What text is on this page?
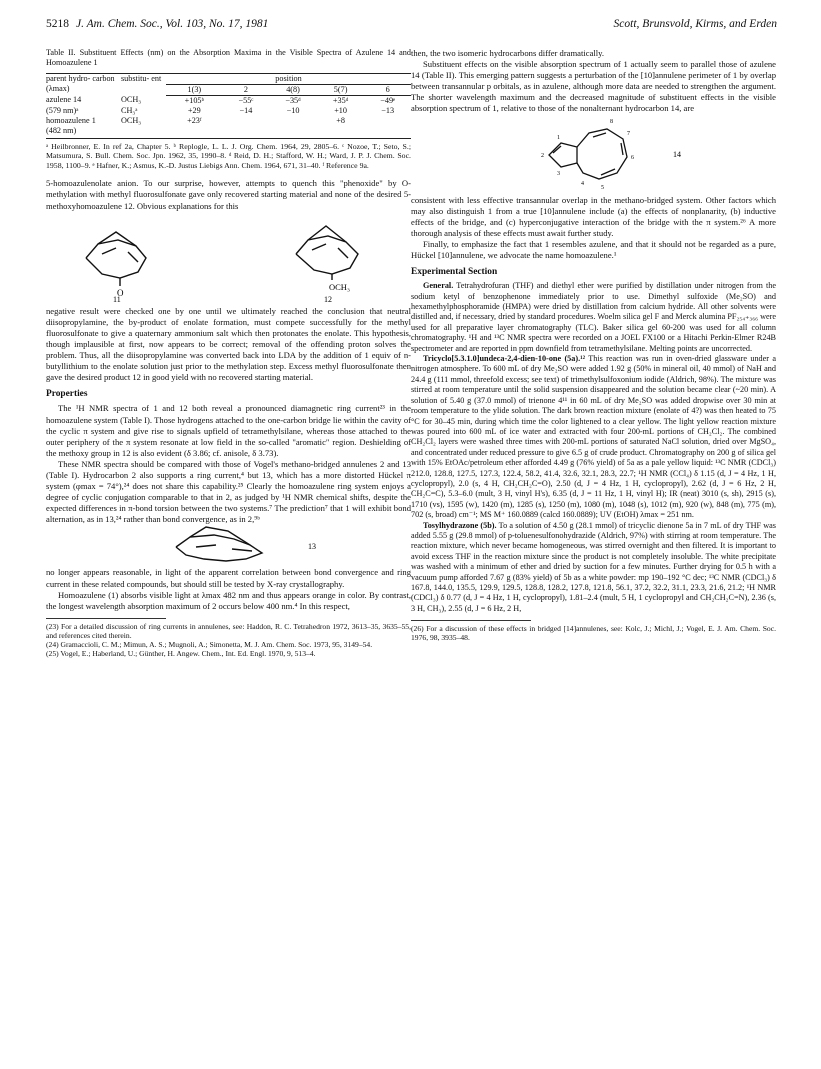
5218 J. Am. Chem. Soc., Vol. 103, No. 17, 1981	Scott, Brunsvold, Kirms, and Erden
Table II. Substituent Effects (nm) on the Absorption Maxima in the Visible Spectra of Azulene 14 and Homoazulene 1
parent hydro- carbon (λmax)	substitu- ent	position				
		1(3)	2	4(8)	5(7)	6
azulene 14	OCH₃	+105ᵇ	−55ᶜ	−35ᵈ	+35ᵈ	−49ᵉ
(579 nm)ᵃ	CH₃ᵃ	+29	−14	−10	+10	−13
homoazulene 1	OCH₃	+23ᶠ			+8	
(482 nm)						
ᵃ Heilbronner, E. In ref 2a, Chapter 5. ᵇ Replogle, L. L. J. Org. Chem. 1964, 29, 2805–6. ᶜ Nozoe, T.; Seto, S.; Matsumura, S. Bull. Chem. Soc. Jpn. 1962, 35, 1990–8. ᵈ Reid, D. H.; Stafford, W. H.; Ward, J. P. J. Chem. Soc. 1958, 1100–9. ᵉ Hafner, K.; Asmus, K.-D. Justus Liebigs Ann. Chem. 1964, 671, 31–40. ᶠ Reference 9a.

5-homoazulenolate anion. To our surprise, however, attempts to quench this "phenoxide" by O-methylation with methyl fluorosulfonate gave only recovered starting material and none of the desired 5-methoxyhomoazulene 12. Obvious explanations for this

O
11
OCH₃
12

negative result were checked one by one until we ultimately reached the conclusion that neutral diisopropylamine, the by-product of enolate formation, must compete successfully for the methyl fluorosulfonate to give a quaternary ammonium salt which then protonates the enolate. This hypothesis, though implausible at first, now appears to be correct; removal of the offending proton solves the problem. Thus, all the diisopropylamine was converted back into LDA by the addition of 1 equiv of n-butyllithium to the enolate solution just prior to the methylation step. Excess methyl fluorosulfonate then gave the desired product 12 in good yield with no recovered starting material.

Properties

The ¹H NMR spectra of 1 and 12 both reveal a pronounced diamagnetic ring current²³ in the homoazulene system (Table I). Those hydrogens attached to the one-carbon bridge lie within the cavity of the cyclic π system and give rise to signals upfield of tetramethylsilane, whereas those attached to the outer periphery of the π system resonate at low field in the so-called "aromatic" region. Deshielding of the methoxy group in 12 is also evident (δ 3.86; cf. anisole, δ 3.73).

These NMR spectra should be compared with those of Vogel's methano-bridged annulenes 2 and 13 (Table I). Hydrocarbon 2 also supports a ring current,⁴ but 13, which has a more distorted Hückel π system (φmax = 74°),²⁴ does not share this capability.²⁵ Clearly the homoazulene ring system enjoys a degree of cyclic conjugation comparable to that in 2, as judged by ¹H NMR chemical shifts, despite the expected differences in π-bond torsion between the two systems.⁷ The prediction⁷ that 1 will exhibit bond alternation, as in 13,²⁴ rather than bond convergence, as in 2,⁹ᵇ

13

no longer appears reasonable, in light of the apparent correlation between bond convergence and ring current in these related compounds, but should still be tested by X-ray crystallography.

Homoazulene (1) absorbs visible light at λmax 482 nm and thus appears orange in color. By contrast, the longest wavelength absorption maximum of 2 occurs below 400 nm.⁴ In this respect,

(23) For a detailed discussion of ring currents in annulenes, see: Haddon, R. C. Tetrahedron 1972, 3613–35, 3635–55, and references cited therein.
(24) Gramaccioli, C. M.; Mimun, A. S.; Mugnoli, A.; Simonetta, M. J. Am. Chem. Soc. 1973, 95, 3149–54.
(25) Vogel, E.; Haberland, U.; Günther, H. Angew. Chem., Int. Ed. Engl. 1970, 9, 513–4.

then, the two isomeric hydrocarbons differ dramatically.

Substituent effects on the visible absorption spectrum of 1 actually seem to parallel those of azulene 14 (Table II). This emerging pattern suggests a perturbation of the [10]annulene perimeter of 1 by overlap between transannular p orbitals, as in azulene, although more data are needed to strengthen the argument. The shorter wavelength maximum and the decreased magnitude of substituent effects in the visible absorption spectrum of 1, relative to those of the nonalternant hydrocarbon 14, are

8
2
1
3
4
5
6
7
14

consistent with less effective transannular overlap in the methano-bridged system. Other factors which may also distinguish 1 from a true [10]annulene include (a) the effects of nonplanarity, (b) inductive effects of the bridge, and (c) hyperconjugative interaction of the bridge with the π system.²⁶ A more thorough analysis of these effects must await further study.

Finally, to emphasize the fact that 1 resembles azulene, and that it should not be regarded as a pure, Hückel [10]annulene, we advocate the name homoazulene.¹

Experimental Section

General. Tetrahydrofuran (THF) and diethyl ether were purified by distillation under nitrogen from the sodium ketyl of benzophenone immediately prior to use. Dimethyl sulfoxide (Me₂SO) and hexamethylphosphoramide (HMPA) were dried by distillation from calcium hydride. All other solvents were distilled and, if necessary, dried by standard procedures. Woelm silica gel F and Merck alumina PF₂₅₄₊₃₆₆ were used for all preparative layer chromatography (TLC). Baker silica gel 60-200 was used for all column chromatography. ¹H and ¹³C NMR spectra were recorded on a JOEL FX100 or a Hitachi Perkin-Elmer R24B spectrometer and are reported in ppm downfield from tetramethylsilane. Melting points are uncorrected.

Tricyclo[5.3.1.0]undeca-2,4-dien-10-one (5a).¹² This reaction was run in oven-dried glassware under a nitrogen atmosphere. To 600 mL of dry Me₂SO were added 1.92 g (50% in mineral oil, 40 mmol) of NaH and 24.4 g (111 mmol, threefold excess; see text) of trimethylsulfoxonium iodide (Aldrich, 98%). The mixture was stirred at room temperature until the solid suspension disappeared and the solution became clear (~20 min). A solution of 5.40 g (37.0 mmol) of trienone 4¹¹ in 60 mL of dry Me₂SO was added dropwise over 30 min at room temperature to the ylide solution. The dark brown reaction mixture (enolate of 4?) was then heated to 75 °C for 30–45 min, during which time the color lightened to a clear yellow. The light yellow reaction mixture was poured into 600 mL of ice water and extracted with four 200-mL portions of CH₂Cl₂. The combined CH₂Cl₂ layers were washed three times with 200-mL portions of saturated NaCl solution, dried over MgSO₄, and concentrated under reduced pressure to give 6.5 g of crude product. Chromatography on 200 g of silica gel with 15% EtOAc/petroleum ether afforded 4.49 g (76% yield) of 5a as a pale yellow liquid: ¹³C NMR (CDCl₃) 212.0, 128.8, 127.5, 127.3, 122.4, 58.2, 41.4, 32.6, 32.1, 28.3, 22.7; ¹H NMR (CCl₄) δ 1.15 (d, J = 4 Hz, 1 H, cyclopropyl), 2.0 (s, 4 H, CH₂CH₂C=O), 2.50 (d, J = 4 Hz, 1 H, cyclopropyl), 2.62 (d, J = 6 Hz, 2 H, CH₂C=C), 5.3–6.0 (mult, 3 H, vinyl H's), 6.35 (d, J = 11 Hz, 1 H, vinyl H); IR (neat) 3010 (s, sh), 2915 (s), 1710 (vs), 1595 (w), 1420 (m), 1285 (s), 1250 (m), 1080 (m), 1048 (s), 1012 (m), 920 (w), 848 (m), 775 (m), 702 (s, broad) cm⁻¹; MS M⁺ 160.0889 (calcd 160.0889); UV (EtOH) λmax = 251 nm.

Tosylhydrazone (5b). To a solution of 4.50 g (28.1 mmol) of tricyclic dienone 5a in 7 mL of dry THF was added 5.55 g (29.8 mmol) of p-toluenesulfonohydrazide (Aldrich, 97%) with stirring at room temperature. The reaction mixture, which never became homogeneous, was stirred overnight and then filtered. It is important to avoid excess THF in the reaction mixture since the product is not completely insoluble. The white precipitate was washed with a minimum of ether and dried by suction for a few minutes. Further drying for 0.5 h with a vacuum pump afforded 7.67 g (83% yield) of 5b as a white powder: mp 190–192 °C dec; ¹³C NMR (CDCl₃) δ 167.8, 144.0, 135.5, 129.9, 129.5, 128.8, 128.2, 127.8, 121.8, 56.1, 37.2, 32.2, 31.1, 23.3, 21.6, 21.2; ¹H NMR (CDCl₃) δ 0.77 (d, J = 4 Hz, 1 H, cyclopropyl), 1.81–2.4 (mult, 5 H, 1 cyclopropyl and CH₂CH₂C=N), 2.36 (s, 3 H, CH₃), 2.55 (d, J = 6 Hz, 2 H,

(26) For a discussion of these effects in bridged [14]annulenes, see: Kolc, J.; Michl, J.; Vogel, E. J. Am. Chem. Soc. 1976, 98, 3935–48.
